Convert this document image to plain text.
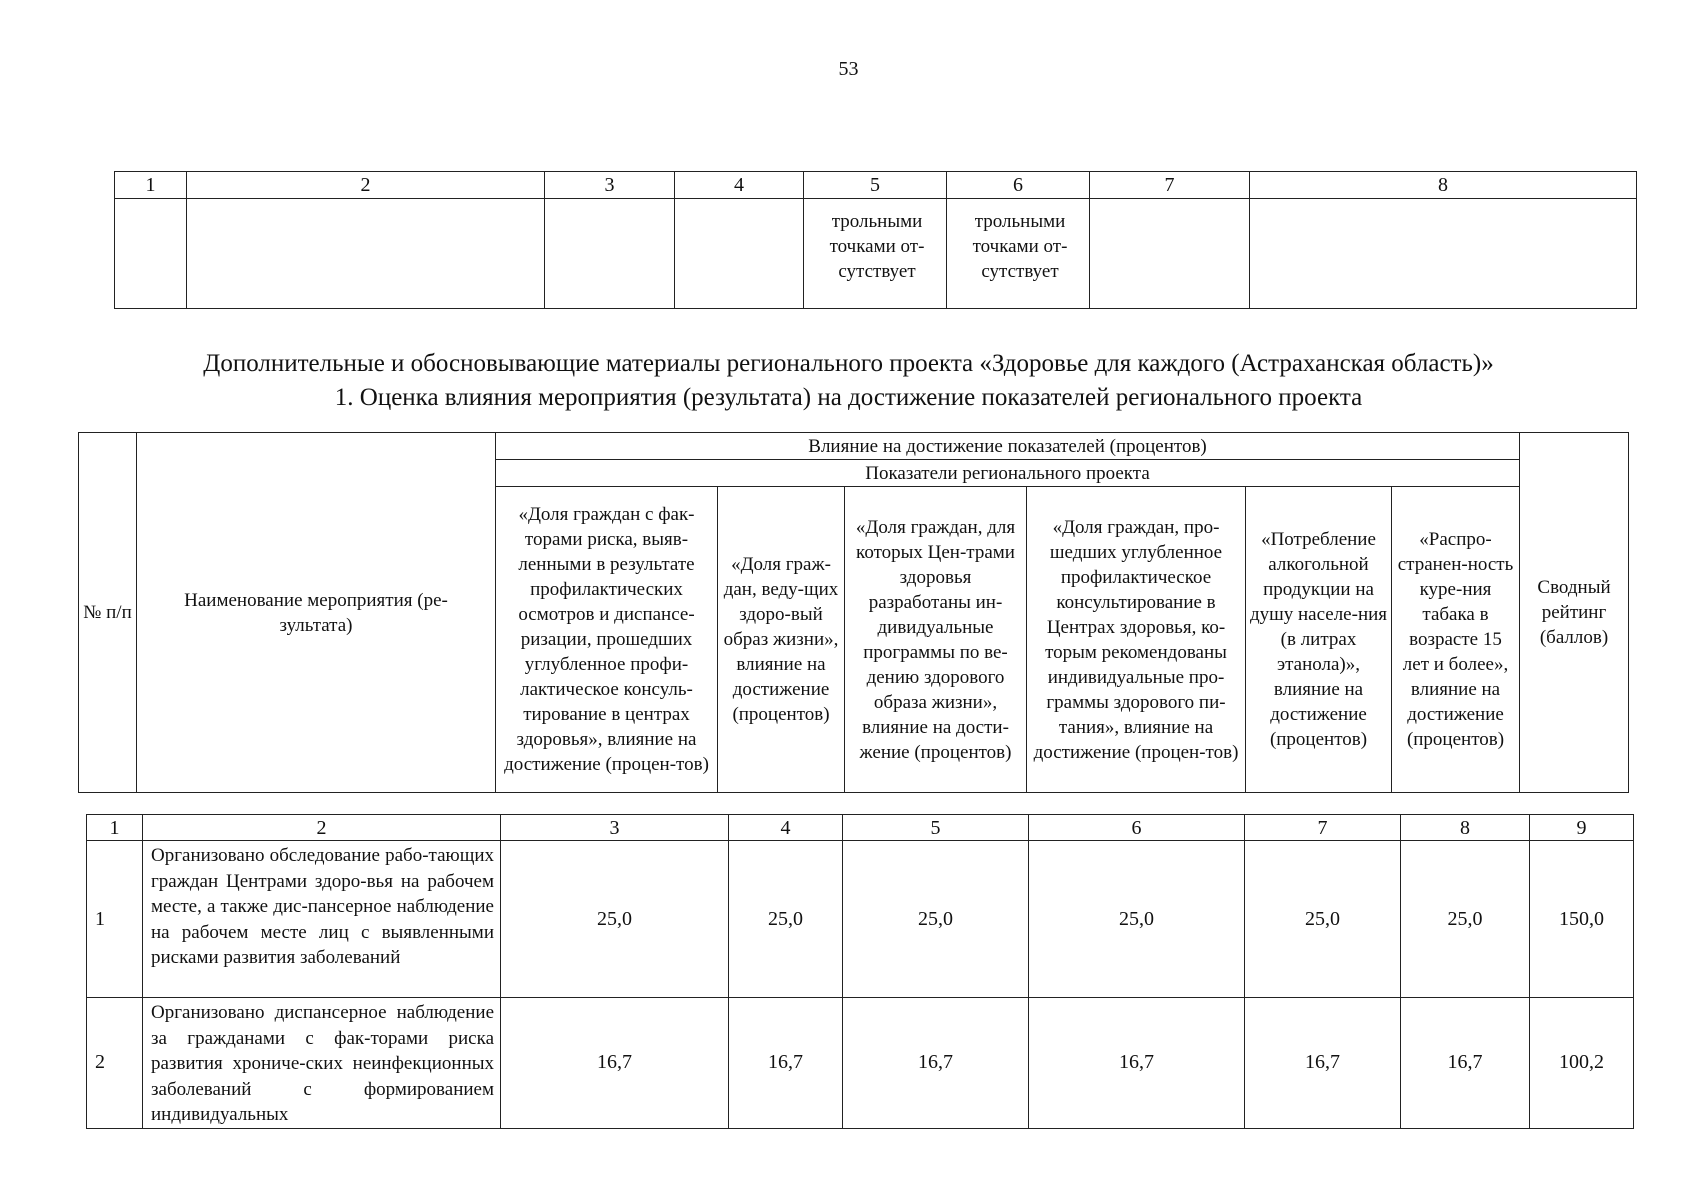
53
1	2	3	4	5	6	7	8
				трольными точками от-сутствует	трольными точками от-сутствует		
Дополнительные и обосновывающие материалы регионального проекта «Здоровье для каждого (Астраханская область)»
1. Оценка влияния мероприятия (результата) на достижение показателей регионального проекта
№ п/п	Наименование мероприятия (ре-зультата)	Влияние на достижение показателей (процентов)						Сводный рейтинг (баллов)
		Показатели регионального проекта						
		«Доля граждан с фак-торами риска, выяв-ленными в результате профилактических осмотров и диспансе-ризации, прошедших углубленное профи-лактическое консуль-тирование в центрах здоровья», влияние на достижение (процен-тов)	«Доля граж-дан, веду-щих здоро-вый образ жизни», влияние на достижение (процентов)	«Доля граждан, для которых Цен-трами здоровья разработаны ин-дивидуальные программы по ве-дению здорового образа жизни», влияние на дости-жение (процентов)	«Доля граждан, про-шедших углубленное профилактическое консультирование в Центрах здоровья, ко-торым рекомендованы индивидуальные про-граммы здорового пи-тания», влияние на достижение (процен-тов)	«Потребление алкогольной продукции на душу населе-ния (в литрах этанола)», влияние на достижение (процентов)	«Распро-странен-ность куре-ния табака в возрасте 15 лет и более», влияние на достижение (процентов)	
1	2	3	4	5	6	7	8	9
1	Организовано обследование рабо-тающих граждан Центрами здоро-вья на рабочем месте, а также дис-пансерное наблюдение на рабочем месте лиц с выявленными рисками развития заболеваний	25,0	25,0	25,0	25,0	25,0	25,0	150,0
2	Организовано диспансерное наблюдение за гражданами с фак-торами риска развития хрониче-ских неинфекционных заболеваний с формированием индивидуальных	16,7	16,7	16,7	16,7	16,7	16,7	100,2
